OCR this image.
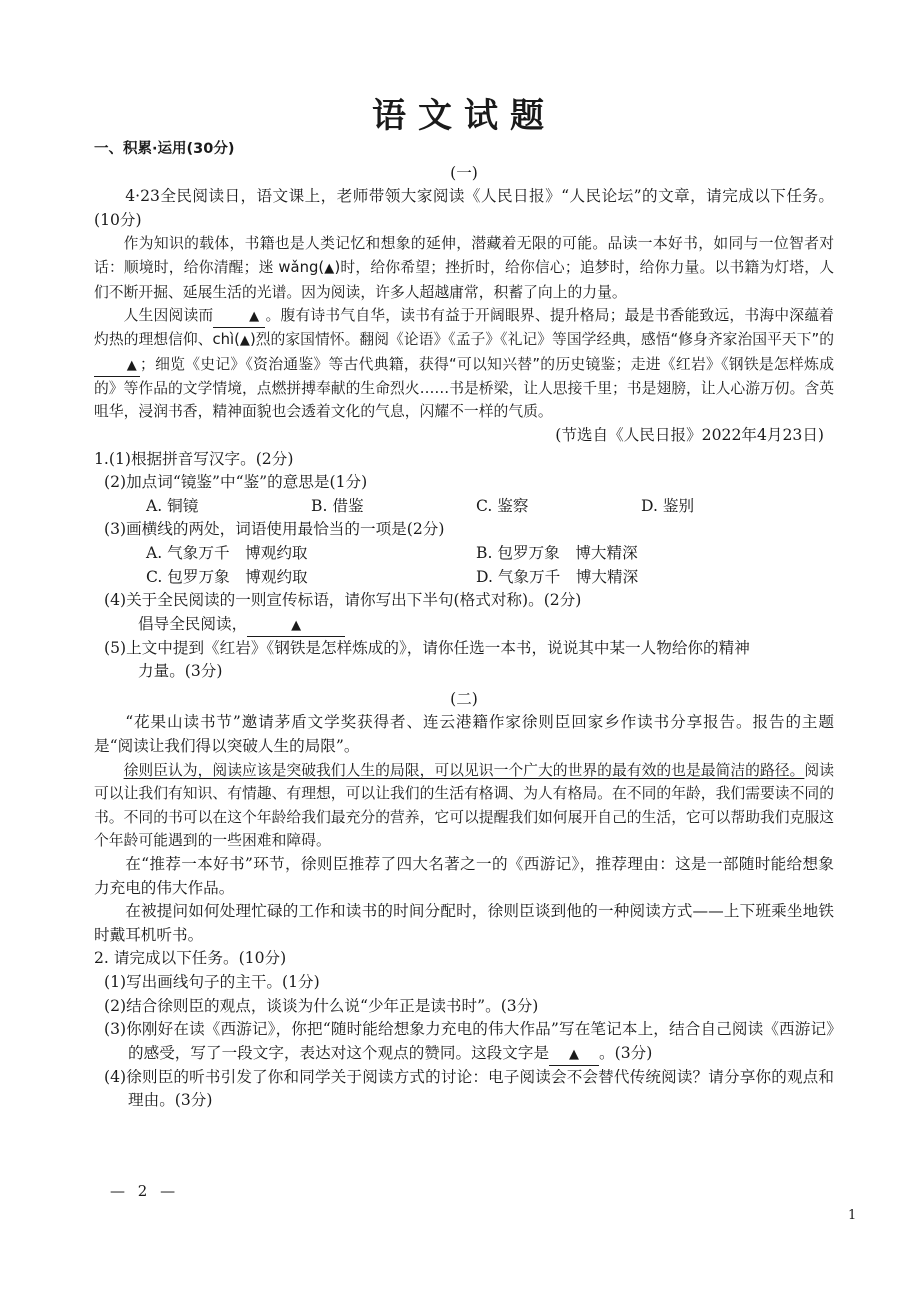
语文试题

一、积累·运用(30分)

(一)

4·23全民阅读日，语文课上，老师带领大家阅读《人民日报》“人民论坛”的文章，请完成以下任务。(10分)

作为知识的载体，书籍也是人类记忆和想象的延伸，潜藏着无限的可能。品读一本好书，如同与一位智者对话：顺境时，给你清醒；迷 wǎng(▲)时，给你希望；挫折时，给你信心；追梦时，给你力量。以书籍为灯塔，人们不断开掘、延展生活的光谱。因为阅读，许多人超越庸常，积蓄了向上的力量。

人生因阅读而	▲ 。腹有诗书气自华，读书有益于开阔眼界、提升格局；最是书香能致远，书海中深蕴着灼热的理想信仰、chì(▲)烈的家国情怀。翻阅《论语》《孟子》《礼记》等国学经典，感悟“修身齐家治国平天下”的▲ ；细览《史记》《资治通鉴》等古代典籍，获得“可以知兴替”的历史镜鉴；走进《红岩》《钢铁是怎样炼成的》等作品的文学情境，点燃拼搏奉献的生命烈火……书是桥梁，让人思接千里；书是翅膀，让人心游万仞。含英咀华，浸润书香，精神面貌也会透着文化的气息，闪耀不一样的气质。

(节选自《人民日报》2022年4月23日)

1.(1)根据拼音写汉字。(2分)

(2)加点词“镜鉴”中“鉴”的意思是(1分)

A. 铜镜	B. 借鉴	C. 鉴察	D. 鉴别

(3)画横线的两处，词语使用最恰当的一项是(2分)

A. 气象万千　博观约取	B. 包罗万象　博大精深
C. 包罗万象　博观约取	D. 气象万千　博大精深

(4)关于全民阅读的一则宣传标语，请你写出下半句(格式对称)。(2分)

倡导全民阅读，	▲

(5)上文中提到《红岩》《钢铁是怎样炼成的》，请你任选一本书，说说其中某一人物给你的精神

力量。(3分)

(二)

“花果山读书节”邀请茅盾文学奖获得者、连云港籍作家徐则臣回家乡作读书分享报告。报告的主题是“阅读让我们得以突破人生的局限”。

徐则臣认为，阅读应该是突破我们人生的局限，可以见识一个广大的世界的最有效的也是最简洁的路径。阅读可以让我们有知识、有情趣、有理想，可以让我们的生活有格调、为人有格局。在不同的年龄，我们需要读不同的书。不同的书可以在这个年龄给我们最充分的营养，它可以提醒我们如何展开自己的生活，它可以帮助我们克服这个年龄可能遇到的一些困难和障碍。

在“推荐一本好书”环节，徐则臣推荐了四大名著之一的《西游记》，推荐理由：这是一部随时能给想象力充电的伟大作品。

在被提问如何处理忙碌的工作和读书的时间分配时，徐则臣谈到他的一种阅读方式——上下班乘坐地铁时戴耳机听书。

2. 请完成以下任务。(10分)

(1)写出画线句子的主干。(1分)

(2)结合徐则臣的观点，谈谈为什么说“少年正是读书时”。(3分)

(3)你刚好在读《西游记》，你把“随时能给想象力充电的伟大作品”写在笔记本上，结合自己阅读《西游记》的感受，写了一段文字，表达对这个观点的赞同。这段文字是 ▲ 。(3分)

(4)徐则臣的听书引发了你和同学关于阅读方式的讨论：电子阅读会不会替代传统阅读？请分享你的观点和理由。(3分)

— 2 —
1
